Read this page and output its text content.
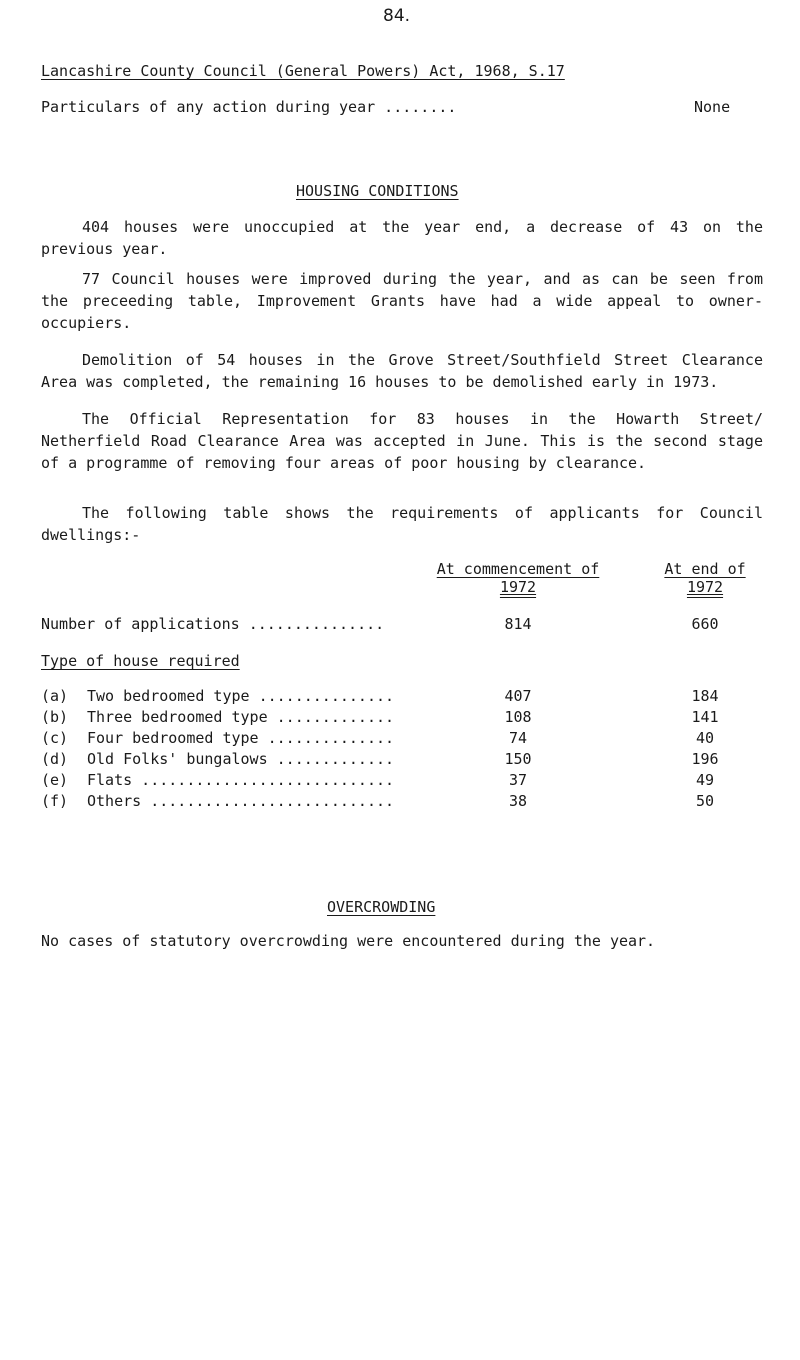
84.
Lancashire County Council (General Powers) Act, 1968, S.17
Particulars of any action during year ........	None
HOUSING CONDITIONS
404 houses were unoccupied at the year end, a decrease of 43 on the previous year.
77 Council houses were improved during the year, and as can be seen from the preceeding table, Improvement Grants have had a wide appeal to owner-occupiers.
Demolition of 54 houses in the Grove Street/Southfield Street Clearance Area was completed, the remaining 16 houses to be demolished early in 1973.
The Official Representation for 83 houses in the Howarth Street/ Netherfield Road Clearance Area was accepted in June. This is the second stage of a programme of removing four areas of poor housing by clearance.
The following table shows the requirements of applicants for Council dwellings:-
At commencement of
1972
At end of
1972
Number of applications ...............	814	660
Type of house required
(a) Two bedroomed type ...............	407	184
(b) Three bedroomed type .............	108	141
(c) Four bedroomed type ..............	74	40
(d) Old Folks' bungalows .............	150	196
(e) Flats ............................	37	49
(f) Others ...........................	38	50
OVERCROWDING
No cases of statutory overcrowding were encountered during the year.
